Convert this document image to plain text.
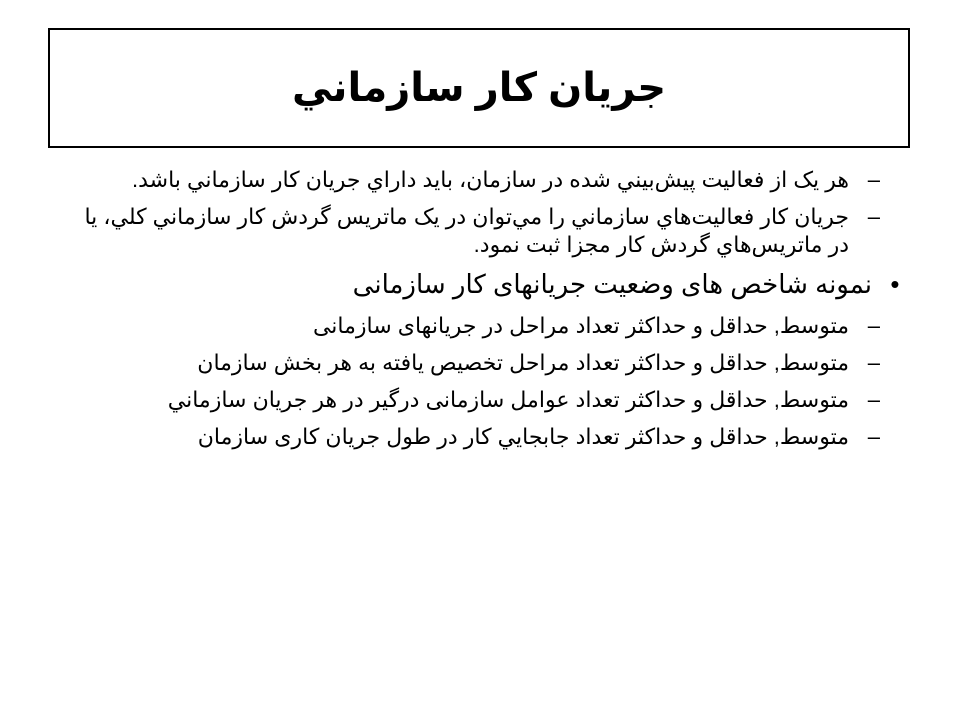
جريان کار سازماني
–
هر یک از فعاليت پيش‌بيني شده در سازمان، بايد داراي جريان کار سازماني باشد.
–
جريان کار فعاليت‌هاي سازماني را مي‌توان در یک ماتریس گردش کار سازماني کلي، يا در ماتريس‌هاي گردش کار مجزا ثبت نمود.
•
نمونه شاخص های وضعیت جریانهای کار سازمانی
–
متوسط, حداقل و حداکثر تعداد مراحل در جریانهای سازمانی
–
متوسط, حداقل و حداکثر تعداد مراحل تخصیص یافته به هر بخش سازمان
–
متوسط, حداقل و حداکثر تعداد عوامل سازمانی درگیر در هر جريان سازماني
–
متوسط, حداقل و حداکثر تعداد جابجايي کار در طول جریان کاری سازمان
